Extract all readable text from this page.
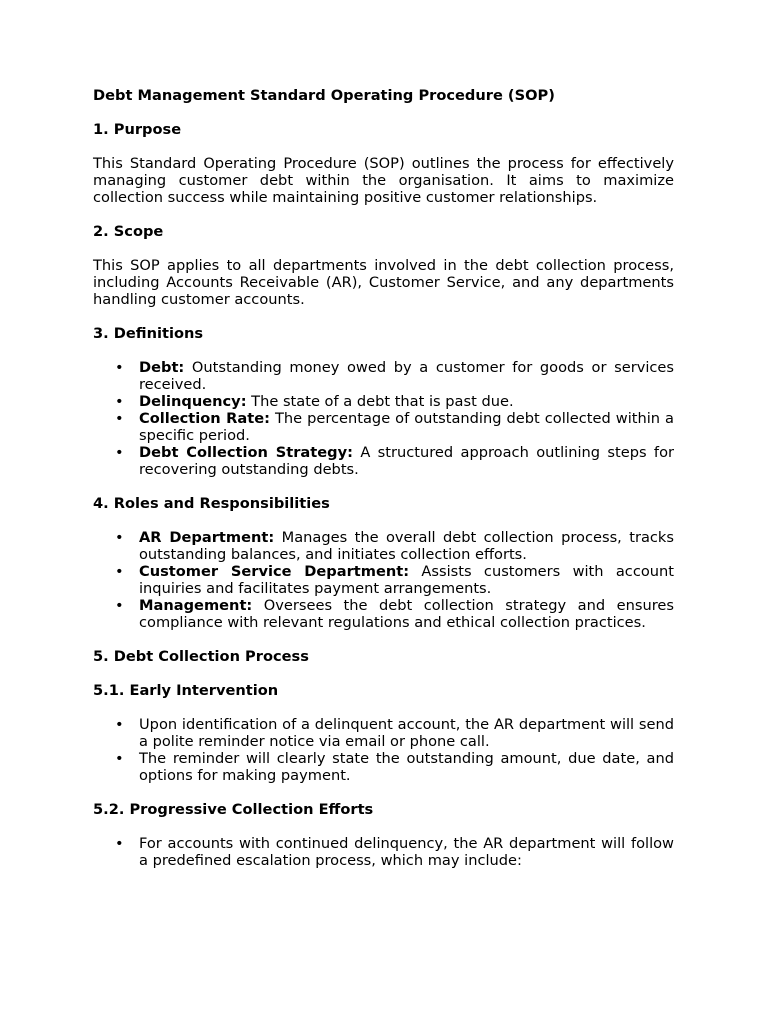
Debt Management Standard Operating Procedure (SOP)
1. Purpose
This Standard Operating Procedure (SOP) outlines the process for effectively managing customer debt within the organisation. It aims to maximize collection success while maintaining positive customer relationships.
2. Scope
This SOP applies to all departments involved in the debt collection process, including Accounts Receivable (AR), Customer Service, and any departments handling customer accounts.
3. Definitions
• Debt: Outstanding money owed by a customer for goods or services received.
• Delinquency: The state of a debt that is past due.
• Collection Rate: The percentage of outstanding debt collected within a specific period.
• Debt Collection Strategy: A structured approach outlining steps for recovering outstanding debts.
4. Roles and Responsibilities
• AR Department: Manages the overall debt collection process, tracks outstanding balances, and initiates collection efforts.
• Customer Service Department: Assists customers with account inquiries and facilitates payment arrangements.
• Management: Oversees the debt collection strategy and ensures compliance with relevant regulations and ethical collection practices.
5. Debt Collection Process
5.1. Early Intervention
• Upon identification of a delinquent account, the AR department will send a polite reminder notice via email or phone call.
• The reminder will clearly state the outstanding amount, due date, and options for making payment.
5.2. Progressive Collection Efforts
• For accounts with continued delinquency, the AR department will follow a predefined escalation process, which may include:
